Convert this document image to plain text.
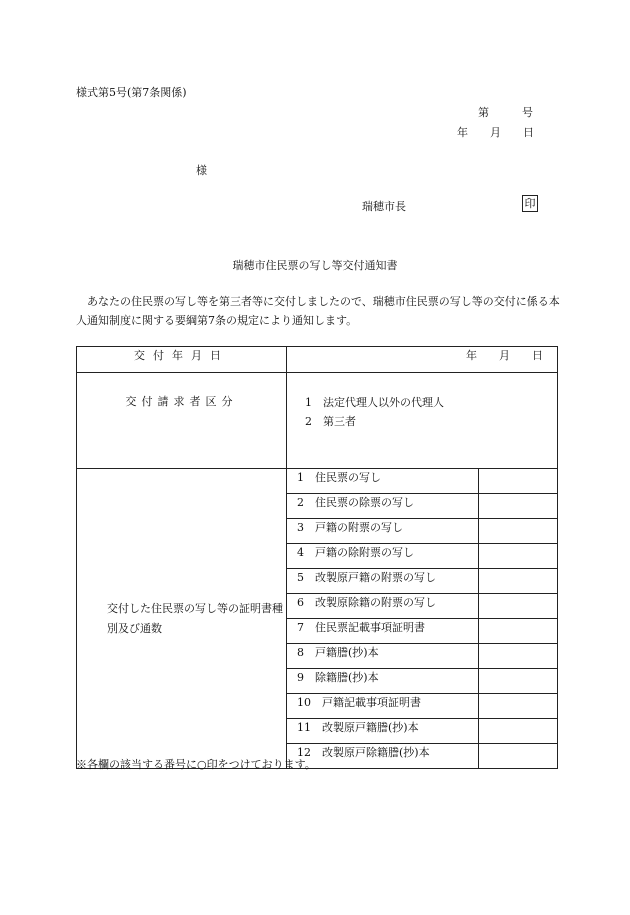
様式第5号(第7条関係)
第　　　号
年　　月　　日
様
瑞穂市長	印
瑞穂市住民票の写し等交付通知書
　あなたの住民票の写し等を第三者等に交付しましたので、瑞穂市住民票の写し等の交付に係る本人通知制度に関する要綱第7条の規定により通知します。
交付年月日	年　　月　　日	
交付請求者区分	1　法定代理人以外の代理人
2　第三者	

交付した住民票の写し等の証明書種別及び通数	1　住民票の写し	
	2　住民票の除票の写し	
	3　戸籍の附票の写し	
	4　戸籍の除附票の写し	
	5　改製原戸籍の附票の写し	
	6　改製原除籍の附票の写し	
	7　住民票記載事項証明書	
	8　戸籍謄(抄)本	
	9　除籍謄(抄)本	
	10　戸籍記載事項証明書	
	11　改製原戸籍謄(抄)本	
	12　改製原戸除籍謄(抄)本	
※各欄の該当する番号に○印をつけております。
